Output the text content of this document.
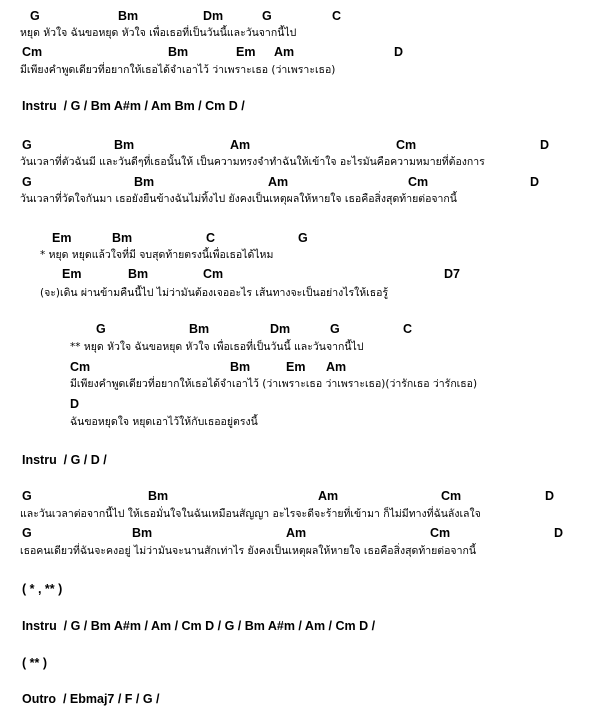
G	Bm	Dm	G	C
หยุด หัวใจ ฉันขอหยุด หัวใจ เพื่อเธอที่เป็นวันนี้และวันจากนี้ไป
Cm	Bm	Em Am	D
มีเพียงคำพูดเดียวที่อยากให้เธอได้จำเอาไว้ ว่าเพราะเธอ (ว่าเพราะเธอ)
Instru  / G / Bm A#m / Am Bm / Cm D /
G	Bm	Am	Cm	D
วันเวลาที่ตัวฉันมี และวันดีๆที่เธอนั้นให้ เป็นความทรงจำทำฉันให้เข้าใจ อะไรมันคือความหมายที่ต้องการ
G	Bm	Am	Cm	D
วันเวลาที่วัดใจกันมา เธอยังยืนข้างฉันไม่ทิ้งไป ยังคงเป็นเหตุผลให้หายใจ เธอคือสิ่งสุดท้ายต่อจากนี้
Em	Bm	C	G
* หยุด หยุดแล้วใจที่มี จบสุดท้ายตรงนี้เพื่อเธอได้ไหม
Em	Bm	Cm	D7
(จะ)เดิน ผ่านข้ามคืนนี้ไป ไม่ว่ามันต้องเจออะไร เส้นทางจะเป็นอย่างไรให้เธอรู้
G	Bm	Dm	G	C
** หยุด หัวใจ ฉันขอหยุด หัวใจ เพื่อเธอที่เป็นวันนี้ และวันจากนี้ไป
Cm	Bm	Em Am
มีเพียงคำพูดเดียวที่อยากให้เธอได้จำเอาไว้ (ว่าเพราะเธอ ว่าเพราะเธอ)(ว่ารักเธอ ว่ารักเธอ)
D
ฉันขอหยุดใจ หยุดเอาไว้ให้กับเธออยู่ตรงนี้
Instru  / G / D /
G	Bm	Am	Cm	D
และวันเวลาต่อจากนี้ไป ให้เธอมั่นใจในฉันเหมือนสัญญา อะไรจะดีจะร้ายที่เข้ามา ก็ไม่มีทางที่ฉันลังเลใจ
G	Bm	Am	Cm	D
เธอคนเดียวที่ฉันจะคงอยู่ ไม่ว่ามันจะนานสักเท่าไร ยังคงเป็นเหตุผลให้หายใจ เธอคือสิ่งสุดท้ายต่อจากนี้
( * , ** )
Instru  / G / Bm A#m / Am / Cm D / G / Bm A#m / Am / Cm D /
( ** )
Outro  / Ebmaj7 / F / G /
